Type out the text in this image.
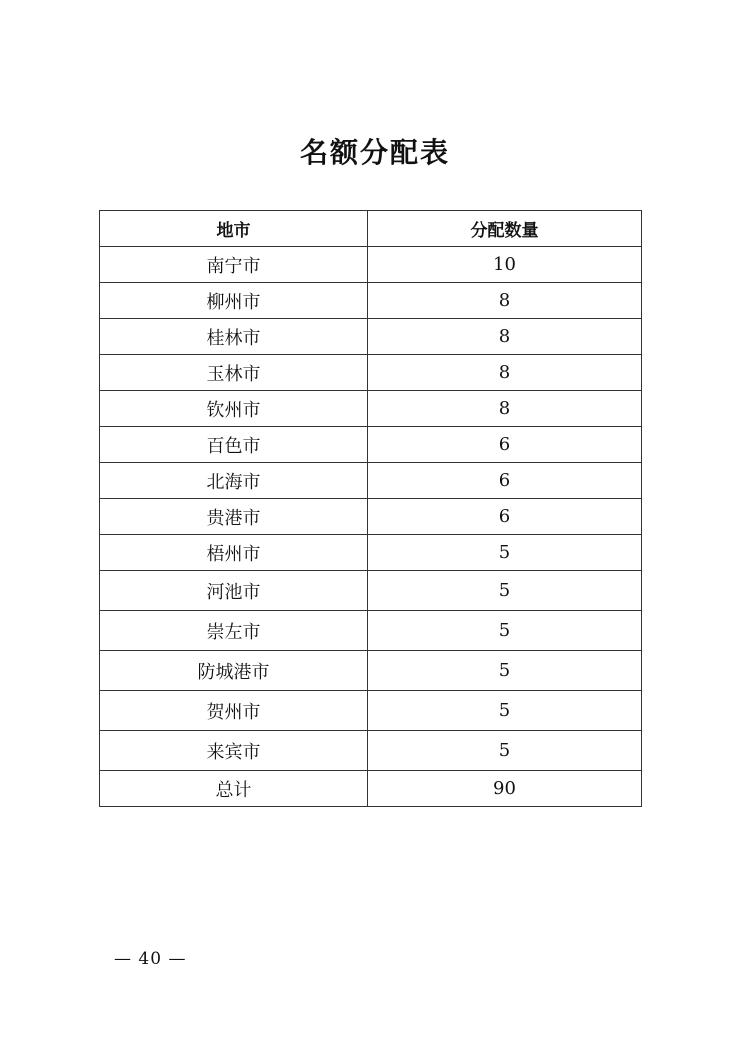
名额分配表
地市	分配数量
南宁市	10
柳州市	8
桂林市	8
玉林市	8
钦州市	8
百色市	6
北海市	6
贵港市	6
梧州市	5
河池市	5
崇左市	5
防城港市	5
贺州市	5
来宾市	5
总计	90
— 40 —
